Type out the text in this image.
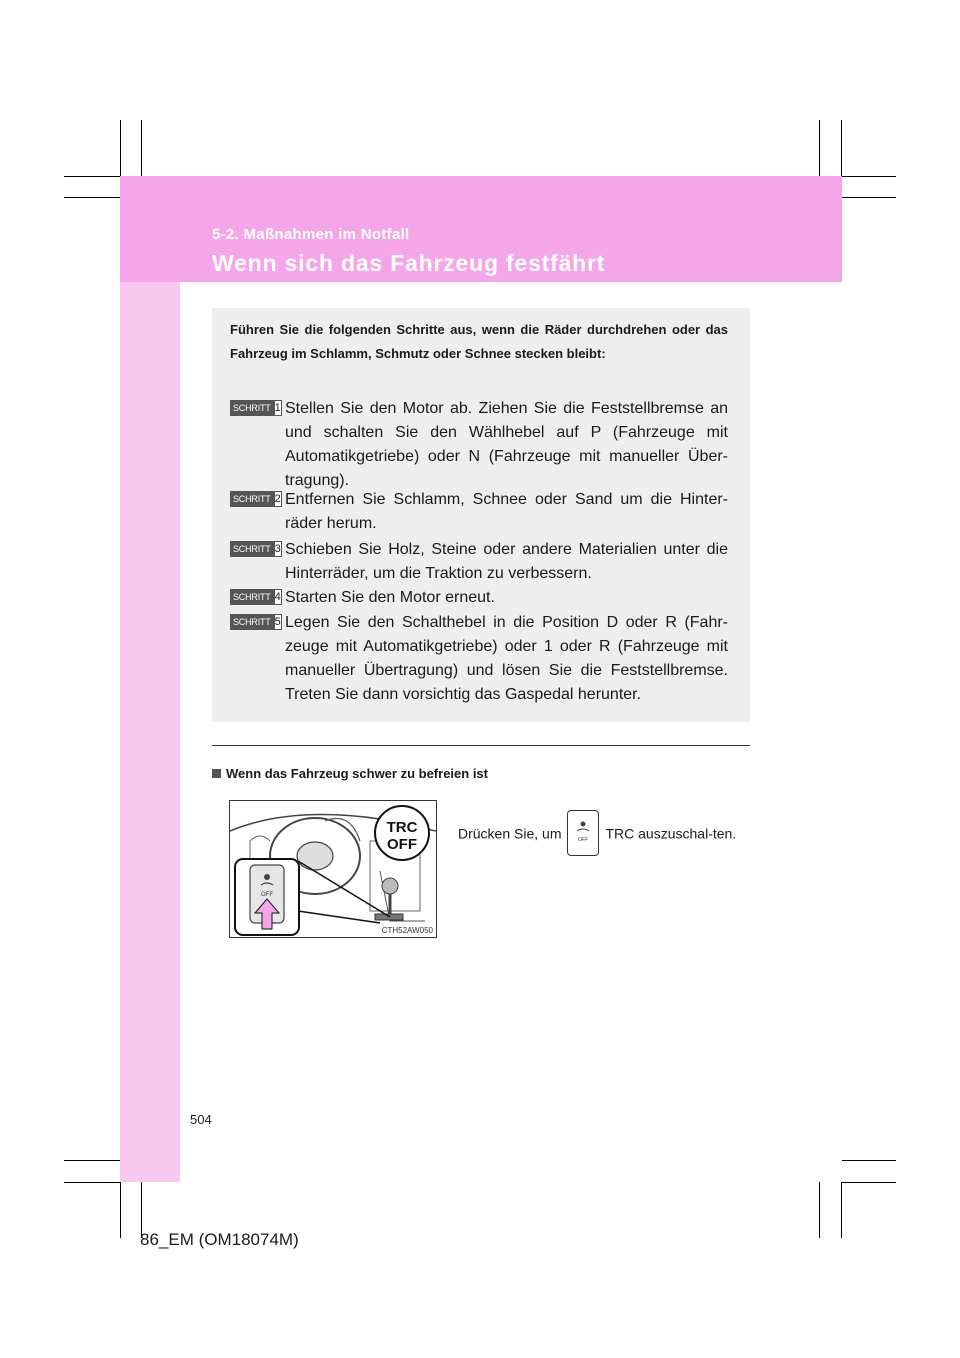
5-2. Maßnahmen im Notfall
Wenn sich das Fahrzeug festfährt
Führen Sie die folgenden Schritte aus, wenn die Räder durchdrehen oder das Fahrzeug im Schlamm, Schmutz oder Schnee stecken bleibt:
SCHRITT 1 Stellen Sie den Motor ab. Ziehen Sie die Feststellbremse an und schalten Sie den Wählhebel auf P (Fahrzeuge mit Automatikgetriebe) oder N (Fahrzeuge mit manueller Über-tragung).
SCHRITT 2 Entfernen Sie Schlamm, Schnee oder Sand um die Hinter-räder herum.
SCHRITT 3 Schieben Sie Holz, Steine oder andere Materialien unter die Hinterräder, um die Traktion zu verbessern.
SCHRITT 4 Starten Sie den Motor erneut.
SCHRITT 5 Legen Sie den Schalthebel in die Position D oder R (Fahr-zeuge mit Automatikgetriebe) oder 1 oder R (Fahrzeuge mit manueller Übertragung) und lösen Sie die Feststellbremse. Treten Sie dann vorsichtig das Gaspedal herunter.
Wenn das Fahrzeug schwer zu befreien ist
TRC
OFF
OFF
CTH52AW050
Drücken Sie, um	OFF TRC auszuschal-ten.
504
86_EM (OM18074M)
